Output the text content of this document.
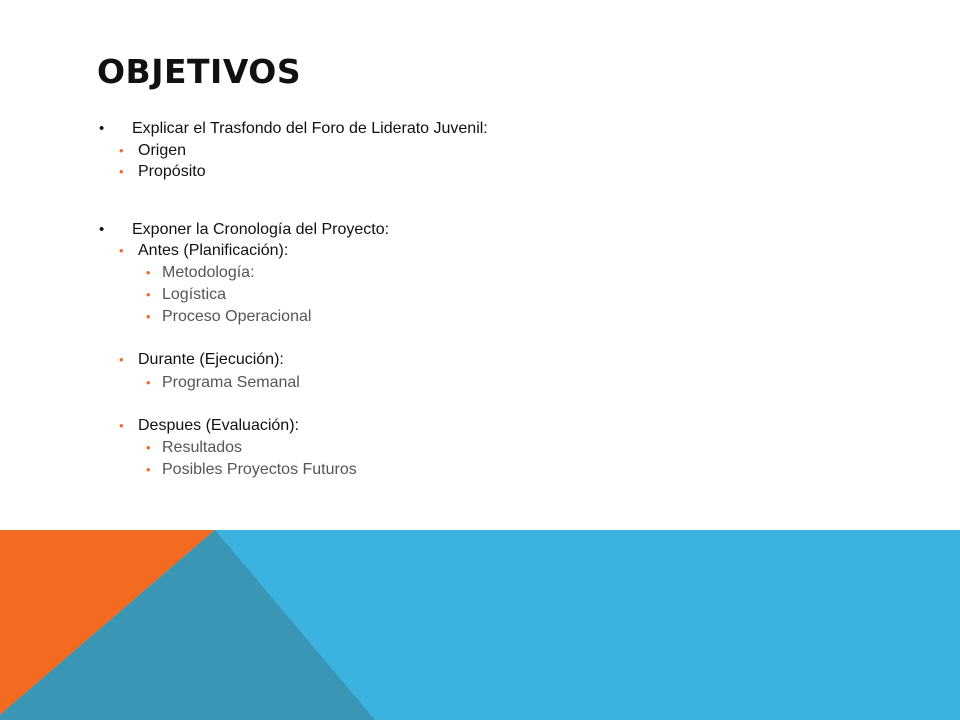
OBJETIVOS
• Explicar el Trasfondo del Foro de Liderato Juvenil:
• Origen
• Propósito
• Exponer la Cronología del Proyecto:
• Antes (Planificación):
• Metodología:
• Logística
• Proceso Operacional
• Durante (Ejecución):
• Programa Semanal
• Despues (Evaluación):
• Resultados
• Posibles Proyectos Futuros
